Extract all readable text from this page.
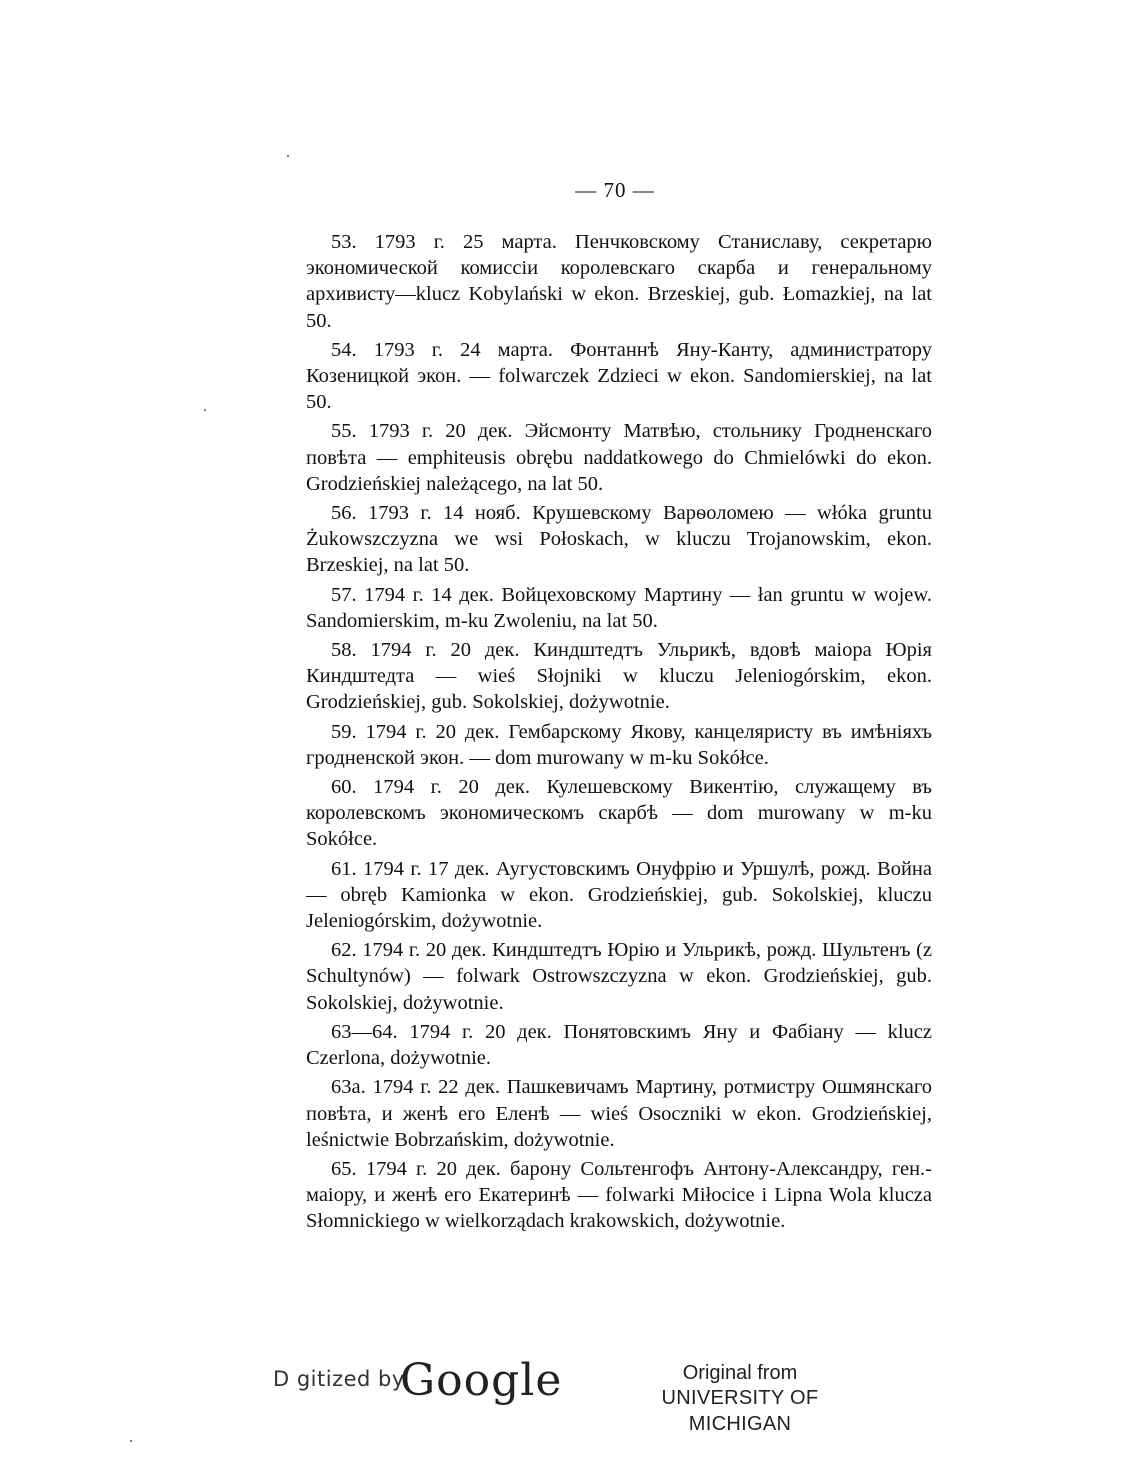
— 70 —

53. 1793 г. 25 марта. Пенчковскому Станиславу, секретарю экономической комиссіи королевскаго скарба и генеральному архивисту—klucz Kobylański w ekon. Brzeskiej, gub. Łomazkiej, na lat 50.

54. 1793 г. 24 марта. Фонтаннѣ Яну-Канту, администратору Козеницкой экон. — folwarczek Zdzieci w ekon. Sandomierskiej, na lat 50.

55. 1793 г. 20 дек. Эйсмонту Матвѣю, стольнику Гродненскаго повѣта — emphiteusis obrębu naddatkowego do Chmielówki do ekon. Grodzieńskiej należącego, na lat 50.

56. 1793 г. 14 нояб. Крушевскому Варѳоломею — włóka gruntu Żukowszczyzna we wsi Połoskach, w kluczu Trojanowskim, ekon. Brzeskiej, na lat 50.

57. 1794 г. 14 дек. Войцеховскому Мартину — łan gruntu w wojew. Sandomierskim, m-ku Zwoleniu, na lat 50.

58. 1794 г. 20 дек. Киндштедтъ Ульрикѣ, вдовѣ маіора Юрія Киндштедта — wieś Słojniki w kluczu Jeleniogórskim, ekon. Grodzieńskiej, gub. Sokolskiej, dożywotnie.

59. 1794 г. 20 дек. Гембарскому Якову, канцеляристу въ имѣніяхъ гродненской экон. — dom murowany w m-ku Sokółce.

60. 1794 г. 20 дек. Кулешевскому Викентію, служащему въ королевскомъ экономическомъ скарбѣ — dom murowany w m-ku Sokółce.

61. 1794 г. 17 дек. Аугустовскимъ Онуфрію и Уршулѣ, рожд. Война — obręb Kamionka w ekon. Grodzieńskiej, gub. Sokolskiej, kluczu Jeleniogórskim, dożywotnie.

62. 1794 г. 20 дек. Киндштедтъ Юрію и Ульрикѣ, рожд. Шультенъ (z Schultynów) — folwark Ostrowszczyzna w ekon. Grodzieńskiej, gub. Sokolskiej, dożywotnie.

63—64. 1794 г. 20 дек. Понятовскимъ Яну и Фабіану — klucz Czerlona, dożywotnie.

63a. 1794 г. 22 дек. Пашкевичамъ Мартину, ротмистру Ошмянскаго повѣта, и женѣ его Еленѣ — wieś Osoczniki w ekon. Grodzieńskiej, leśnictwie Bobrzańskim, dożywotnie.

65. 1794 г. 20 дек. барону Сольтенгофъ Антону-Александру, ген.-маіору, и женѣ его Екатеринѣ — folwarki Miłocice i Lipna Wola klucza Słomnickiego w wielkorządach krakowskich, dożywotnie.

D gitized by
Google	Original from
UNIVERSITY OF MICHIGAN
